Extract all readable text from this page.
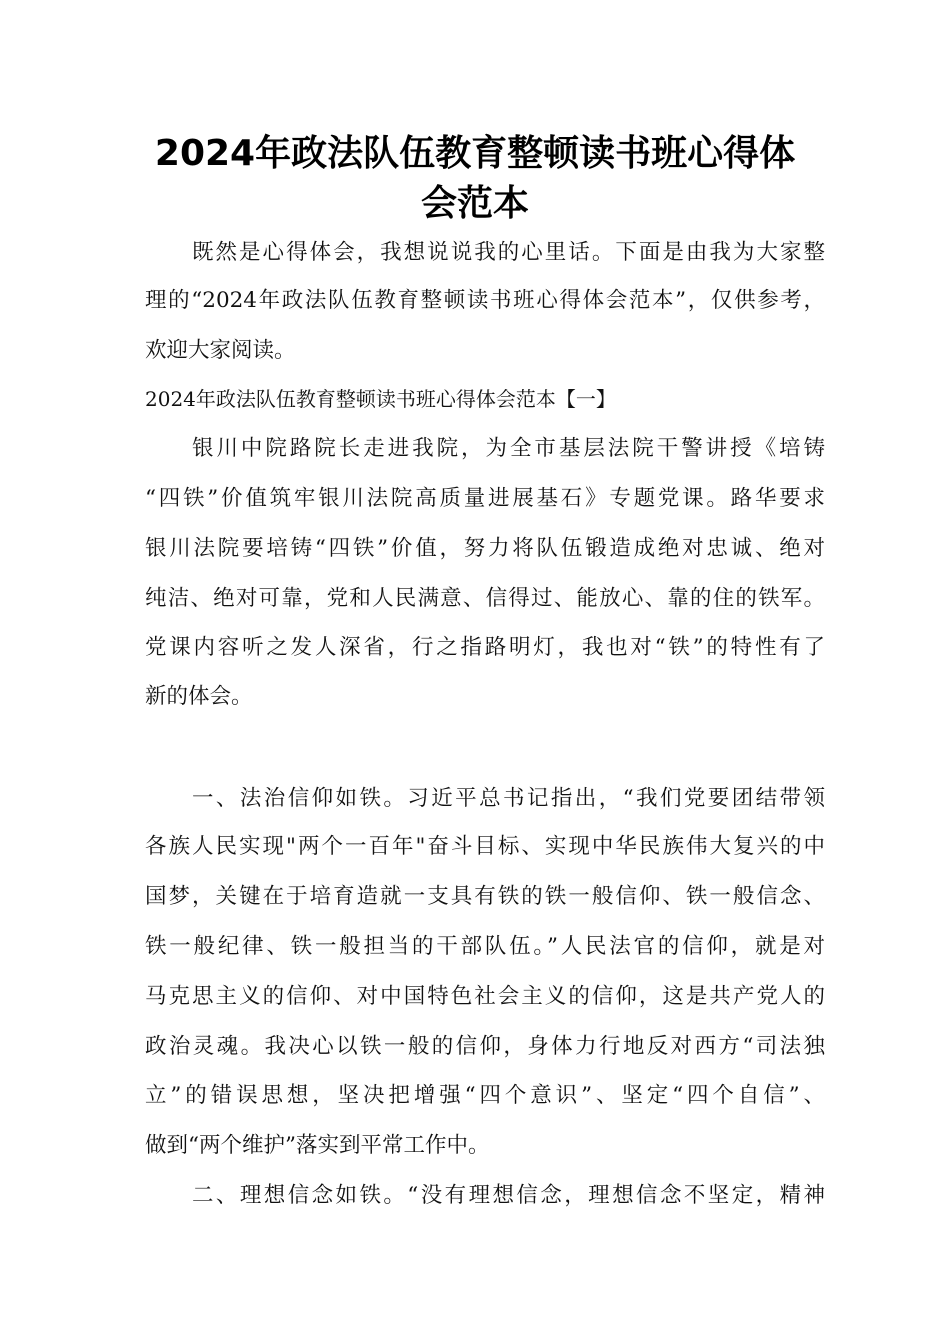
2024年政法队伍教育整顿读书班心得体
会范本

既然是心得体会，我想说说我的心里话。下面是由我为大家整

理的“2024年政法队伍教育整顿读书班心得体会范本”，仅供参考，

欢迎大家阅读。

2024年政法队伍教育整顿读书班心得体会范本【一】

银川中院路院长走进我院，为全市基层法院干警讲授《培铸

“四铁”价值筑牢银川法院高质量进展基石》专题党课。路华要求

银川法院要培铸“四铁”价值，努力将队伍锻造成绝对忠诚、绝对

纯洁、绝对可靠，党和人民满意、信得过、能放心、靠的住的铁军。

党课内容听之发人深省，行之指路明灯，我也对“铁”的特性有了

新的体会。

一、法治信仰如铁。习近平总书记指出，“我们党要团结带领

各族人民实现"两个一百年"奋斗目标、实现中华民族伟大复兴的中

国梦，关键在于培育造就一支具有铁的铁一般信仰、铁一般信念、

铁一般纪律、铁一般担当的干部队伍。”人民法官的信仰，就是对

马克思主义的信仰、对中国特色社会主义的信仰，这是共产党人的

政治灵魂。我决心以铁一般的信仰，身体力行地反对西方“司法独

立”的错误思想，坚决把增强“四个意识”、坚定“四个自信”、

做到“两个维护”落实到平常工作中。

二、理想信念如铁。“没有理想信念，理想信念不坚定，精神
